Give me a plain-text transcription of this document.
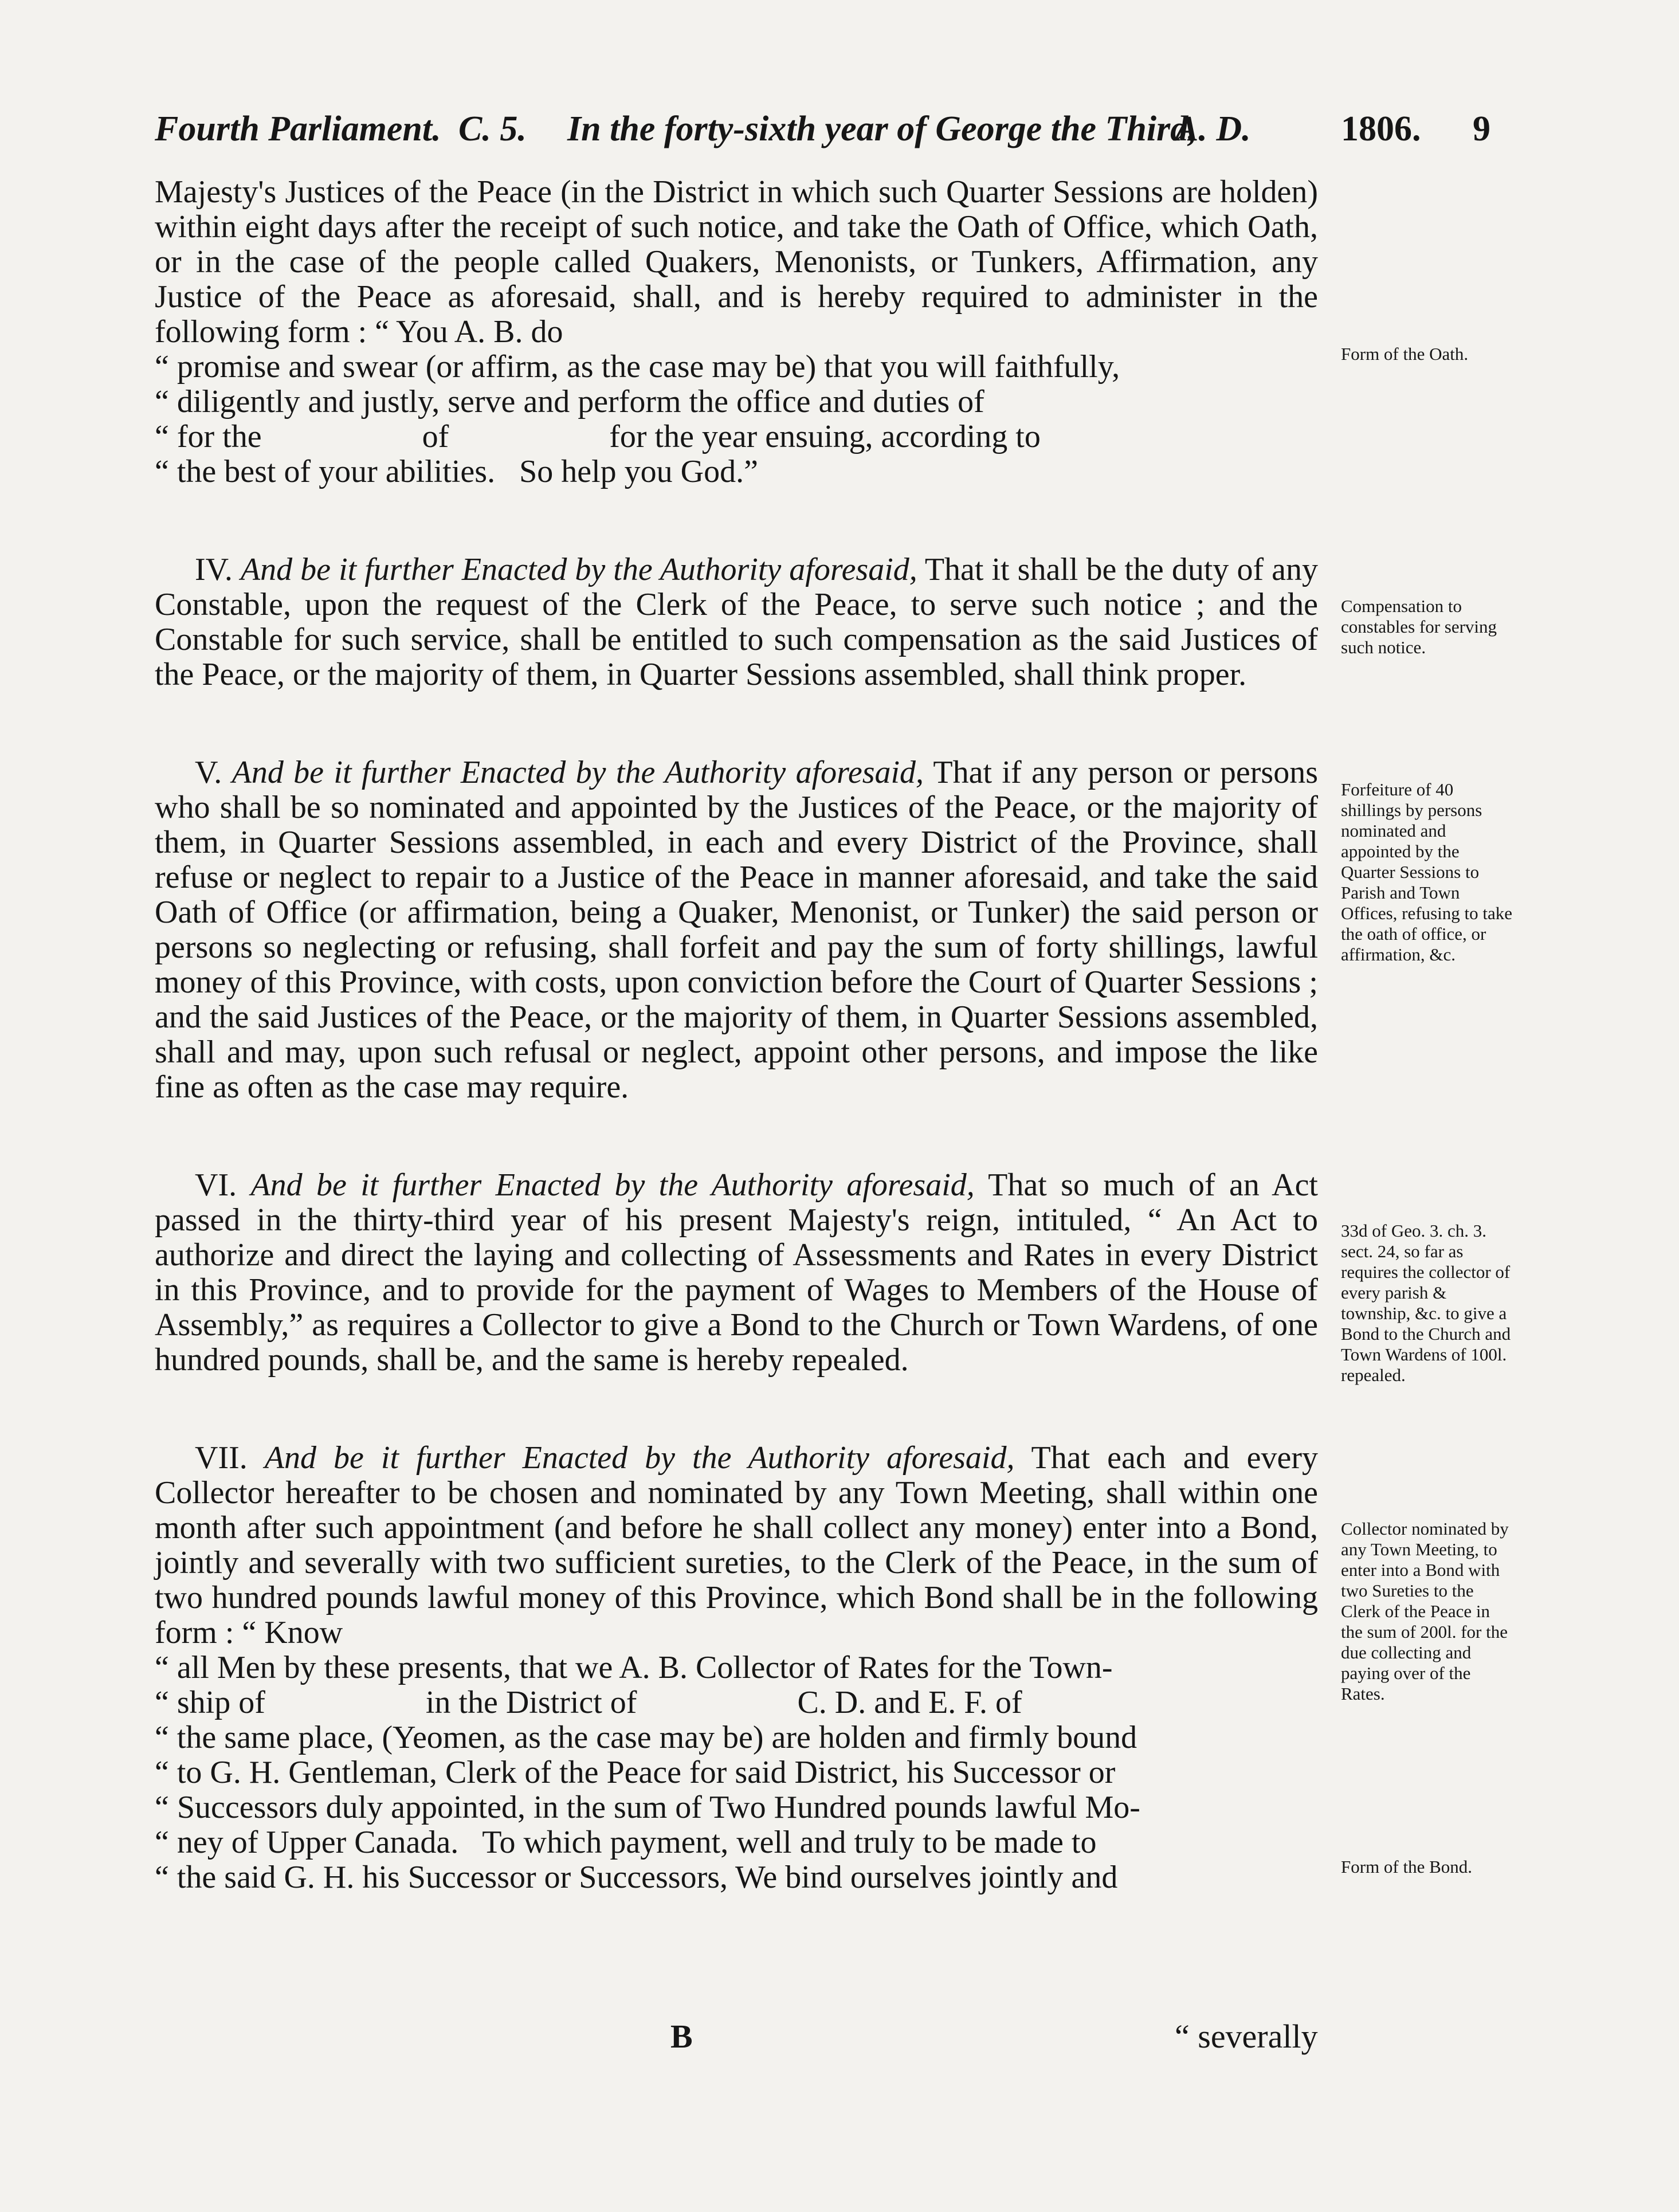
Fourth Parliament. C. 5. In the forty-sixth year of George the Third,
A. D.	1806. 9

Majesty's Justices of the Peace (in the District in which such Quarter Sessions are holden) within eight days after the receipt of such notice, and take the Oath of Office, which Oath, or in the case of the people called Quakers, Menonists, or Tunkers, Affirmation, any Justice of the Peace as aforesaid, shall, and is hereby required to administer in the following form : “ You A. B. do

“ promise and swear (or affirm, as the case may be) that you will faithfully,

“ diligently and justly, serve and perform the office and duties of

“ for the                    of                    for the year ensuing, according to

“ the best of your abilities.   So help you God.”

IV. And be it further Enacted by the Authority aforesaid, That it shall be the duty of any Constable, upon the request of the Clerk of the Peace, to serve such notice ; and the Constable for such service, shall be entitled to such compensation as the said Justices of the Peace, or the majority of them, in Quarter Sessions assembled, shall think proper.

V. And be it further Enacted by the Authority aforesaid, That if any person or persons who shall be so nominated and appointed by the Justices of the Peace, or the majority of them, in Quarter Sessions assembled, in each and every District of the Province, shall refuse or neglect to repair to a Justice of the Peace in manner aforesaid, and take the said Oath of Office (or affirmation, being a Quaker, Menonist, or Tunker) the said person or persons so neglecting or refusing, shall forfeit and pay the sum of forty shillings, lawful money of this Province, with costs, upon conviction before the Court of Quarter Sessions ; and the said Justices of the Peace, or the majority of them, in Quarter Sessions assembled, shall and may, upon such refusal or neglect, appoint other persons, and impose the like fine as often as the case may require.

VI. And be it further Enacted by the Authority aforesaid, That so much of an Act passed in the thirty-third year of his present Majesty's reign, intituled, “ An Act to authorize and direct the laying and collecting of Assessments and Rates in every District in this Province, and to provide for the payment of Wages to Members of the House of Assembly,” as requires a Collector to give a Bond to the Church or Town Wardens, of one hundred pounds, shall be, and the same is hereby repealed.

VII. And be it further Enacted by the Authority aforesaid, That each and every Collector hereafter to be chosen and nominated by any Town Meeting, shall within one month after such appointment (and before he shall collect any money) enter into a Bond, jointly and severally with two sufficient sureties, to the Clerk of the Peace, in the sum of two hundred pounds lawful money of this Province, which Bond shall be in the following form : “ Know

“ all Men by these presents, that we A. B. Collector of Rates for the Town-

“ ship of                    in the District of                    C. D. and E. F. of

“ the same place, (Yeomen, as the case may be) are holden and firmly bound

“ to G. H. Gentleman, Clerk of the Peace for said District, his Successor or

“ Successors duly appointed, in the sum of Two Hundred pounds lawful Mo-

“ ney of Upper Canada.   To which payment, well and truly to be made to

“ the said G. H. his Successor or Successors, We bind ourselves jointly and

Form of the Oath.
Compensation to constables for serving such notice.
Forfeiture of 40 shillings by persons nominated and appointed by the Quarter Sessions to Parish and Town Offices, refusing to take the oath of office, or affirmation, &c.
33d of Geo. 3. ch. 3. sect. 24, so far as requires the collector of every parish & township, &c. to give a Bond to the Church and Town Wardens of 100l. repealed.
Collector nominated by any Town Meeting, to enter into a Bond with two Sureties to the Clerk of the Peace in the sum of 200l. for the due collecting and paying over of the Rates.
Form of the Bond.
B	“ severally
